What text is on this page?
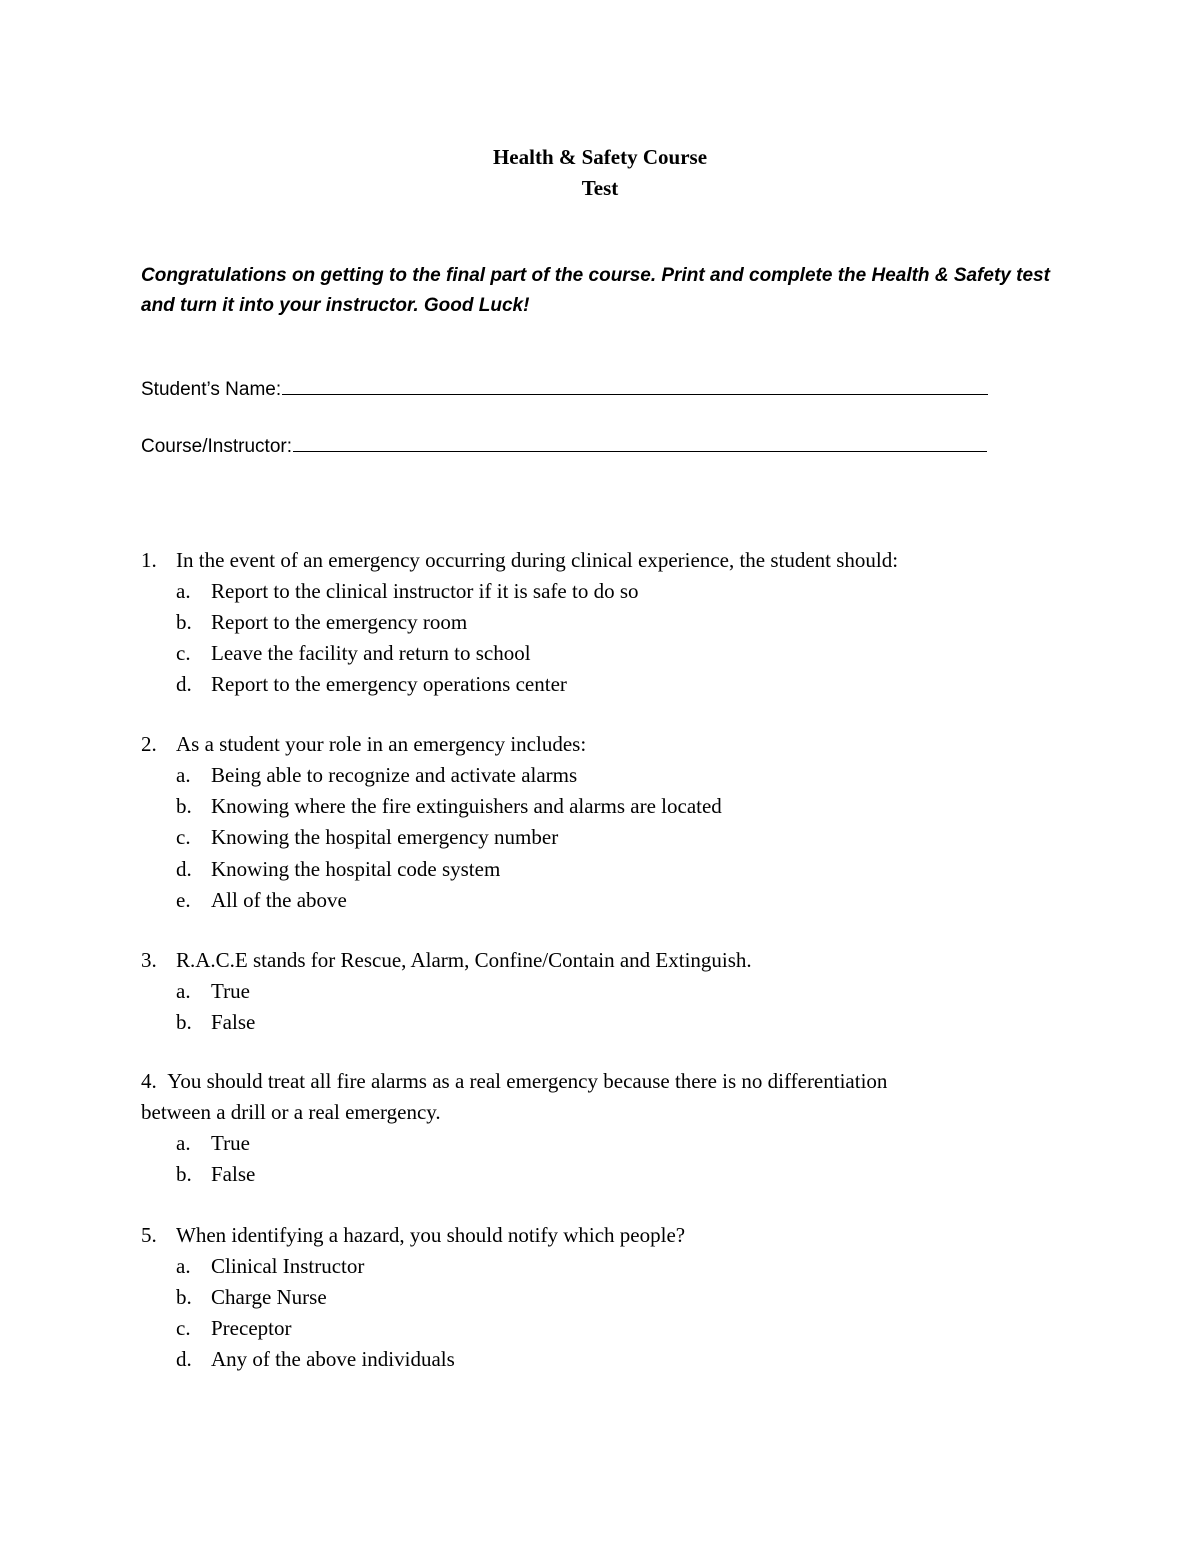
Health & Safety Course
Test
Congratulations on getting to the final part of the course. Print and complete the Health & Safety test and turn it into your instructor. Good Luck!
Student’s Name:
Course/Instructor:
1. In the event of an emergency occurring during clinical experience, the student should:
a. Report to the clinical instructor if it is safe to do so
b. Report to the emergency room
c. Leave the facility and return to school
d. Report to the emergency operations center
2. As a student your role in an emergency includes:
a. Being able to recognize and activate alarms
b. Knowing where the fire extinguishers and alarms are located
c. Knowing the hospital emergency number
d. Knowing the hospital code system
e. All of the above
3. R.A.C.E stands for Rescue, Alarm, Confine/Contain and Extinguish.
a. True
b. False
4. You should treat all fire alarms as a real emergency because there is no differentiation
between a drill or a real emergency.
a. True
b. False
5. When identifying a hazard, you should notify which people?
a. Clinical Instructor
b. Charge Nurse
c. Preceptor
d. Any of the above individuals
